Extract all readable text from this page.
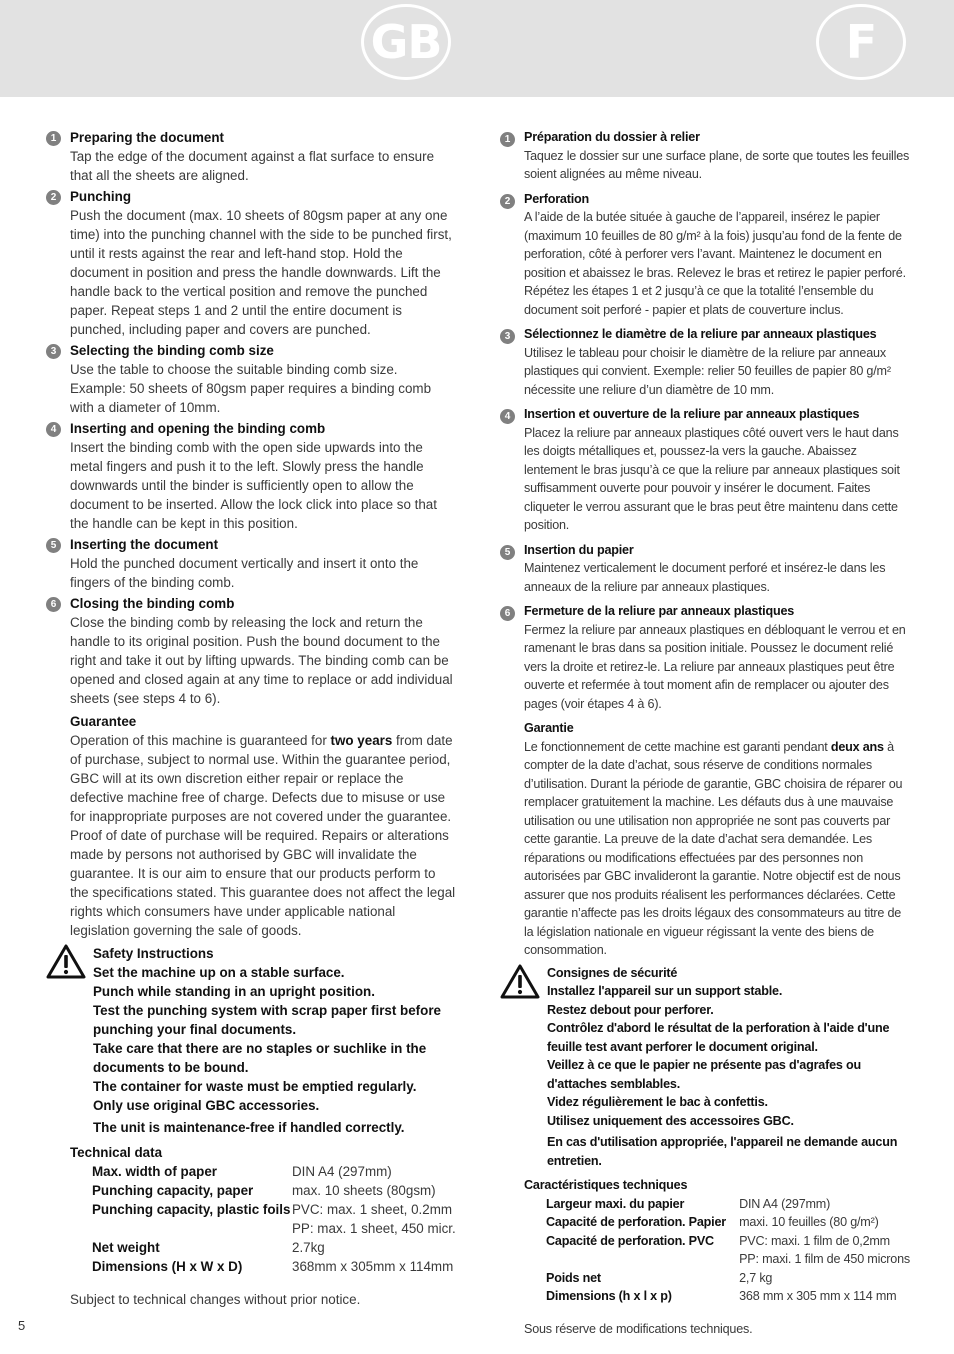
GB	F
1	Preparing the document
Tap the edge of the document against a flat surface to ensure that all the sheets are aligned.
2	Punching
Push the document (max. 10 sheets of 80gsm paper at any one time) into the punching channel with the side to be punched first, until it rests against the rear and left-hand stop. Hold the document in position and press the handle downwards. Lift the handle back to the vertical position and remove the punched paper. Repeat steps 1 and 2 until the entire document is punched, including paper and covers are punched.
3	Selecting the binding comb size
Use the table to choose the suitable binding comb size. Example: 50 sheets of 80gsm paper requires a binding comb with a diameter of 10mm.
4	Inserting and opening the binding comb
Insert the binding comb with the open side upwards into the metal fingers and push it to the left. Slowly press the handle downwards until the binder is sufficiently open to allow the document to be inserted. Allow the lock click into place so that the handle can be kept in this position.
5	Inserting the document
Hold the punched document vertically and insert it onto the fingers of the binding comb.
6	Closing the binding comb
Close the binding comb by releasing the lock and return the handle to its original position. Push the bound document to the right and take it out by lifting upwards. The binding comb can be opened and closed again at any time to replace or add individual sheets (see steps 4 to 6).
Guarantee
Operation of this machine is guaranteed for two years from date of purchase, subject to normal use. Within the guarantee period, GBC will at its own discretion either repair or replace the defective machine free of charge. Defects due to misuse or use for inappropriate purposes are not covered under the guarantee. Proof of date of purchase will be required. Repairs or alterations made by persons not authorised by GBC will invalidate the guarantee. It is our aim to ensure that our products perform to the specifications stated. This guarantee does not affect the legal rights which consumers have under applicable national legislation governing the sale of goods.
Safety Instructions
Set the machine up on a stable surface.
Punch while standing in an upright position.
Test the punching system with scrap paper first before punching your final documents.
Take care that there are no staples or suchlike in the documents to be bound.
The container for waste must be emptied regularly.
Only use original GBC accessories.
The unit is maintenance-free if handled correctly.
Technical data
Max. width of paper	DIN A4 (297mm)
Punching capacity, paper	max. 10 sheets (80gsm)
Punching capacity, plastic foils	PVC: max. 1 sheet, 0.2mm
	PP: max. 1 sheet, 450 micr.
Net weight	2.7kg
Dimensions (H x W x D)	368mm x 305mm x 114mm
Subject to technical changes without prior notice.
1	Préparation du dossier à relier
Taquez le dossier sur une surface plane, de sorte que toutes les feuilles soient alignées au même niveau.
2	Perforation
A l’aide de la butée située à gauche de l’appareil, insérez le papier (maximum 10 feuilles de 80 g/m² à la fois) jusqu’au fond de la fente de perforation, côté à perforer vers l’avant. Maintenez le document en position et abaissez le bras. Relevez le bras et retirez le papier perforé. Répétez les étapes 1 et 2 jusqu’à ce que la totalité l’ensemble du document soit perforé - papier et plats de couverture inclus.
3	Sélectionnez le diamètre de la reliure par anneaux plastiques
Utilisez le tableau pour choisir le diamètre de la reliure par anneaux plastiques qui convient. Exemple: relier 50 feuilles de papier 80 g/m² nécessite une reliure d’un diamètre de 10 mm.
4	Insertion et ouverture de la reliure par anneaux plastiques
Placez la reliure par anneaux plastiques côté ouvert vers le haut dans les doigts métalliques et, poussez-la vers la gauche. Abaissez lentement le bras jusqu’à ce que la reliure par anneaux plastiques soit suffisamment ouverte pour pouvoir y insérer le document. Faites cliqueter le verrou assurant que le bras peut être maintenu dans cette position.
5	Insertion du papier
Maintenez verticalement le document perforé et insérez-le dans les anneaux de la reliure par anneaux plastiques.
6	Fermeture de la reliure par anneaux plastiques
Fermez la reliure par anneaux plastiques en débloquant le verrou et en ramenant le bras dans sa position initiale. Poussez le document relié vers la droite et retirez-le. La reliure par anneaux plastiques peut être ouverte et refermée à tout moment afin de remplacer ou ajouter des pages (voir étapes 4 à 6).
Garantie
Le fonctionnement de cette machine est garanti pendant deux ans à compter de la date d’achat, sous réserve de conditions normales d’utilisation. Durant la période de garantie, GBC choisira de réparer ou remplacer gratuitement la machine. Les défauts dus à une mauvaise utilisation ou une utilisation non appropriée ne sont pas couverts par cette garantie. La preuve de la date d’achat sera demandée. Les réparations ou modifications effectuées par des personnes non autorisées par GBC invalideront la garantie. Notre objectif est de nous assurer que nos produits réalisent les performances déclarées. Cette garantie n’affecte pas les droits légaux des consommateurs au titre de la législation nationale en vigueur régissant la vente des biens de consommation.
Consignes de sécurité
Installez l'appareil sur un support stable.
Restez debout pour perforer.
Contrôlez d'abord le résultat de la perforation à l'aide d'une feuille test avant perforer le document original.
Veillez à ce que le papier ne présente pas d'agrafes ou d'attaches semblables.
Videz régulièrement le bac à confettis.
Utilisez uniquement des accessoires GBC.
En cas d'utilisation appropriée, l'appareil ne demande aucun entretien.
Caractéristiques techniques
Largeur maxi. du papier	DIN A4 (297mm)
Capacité de perforation. Papier	maxi. 10 feuilles (80 g/m²)
Capacité de perforation. PVC	PVC: maxi. 1 film de 0,2mm
	PP: maxi. 1 film de 450 microns
Poids net	2,7 kg
Dimensions (h x l x p)	368 mm x 305 mm x 114 mm
Sous réserve de modifications techniques.
5
